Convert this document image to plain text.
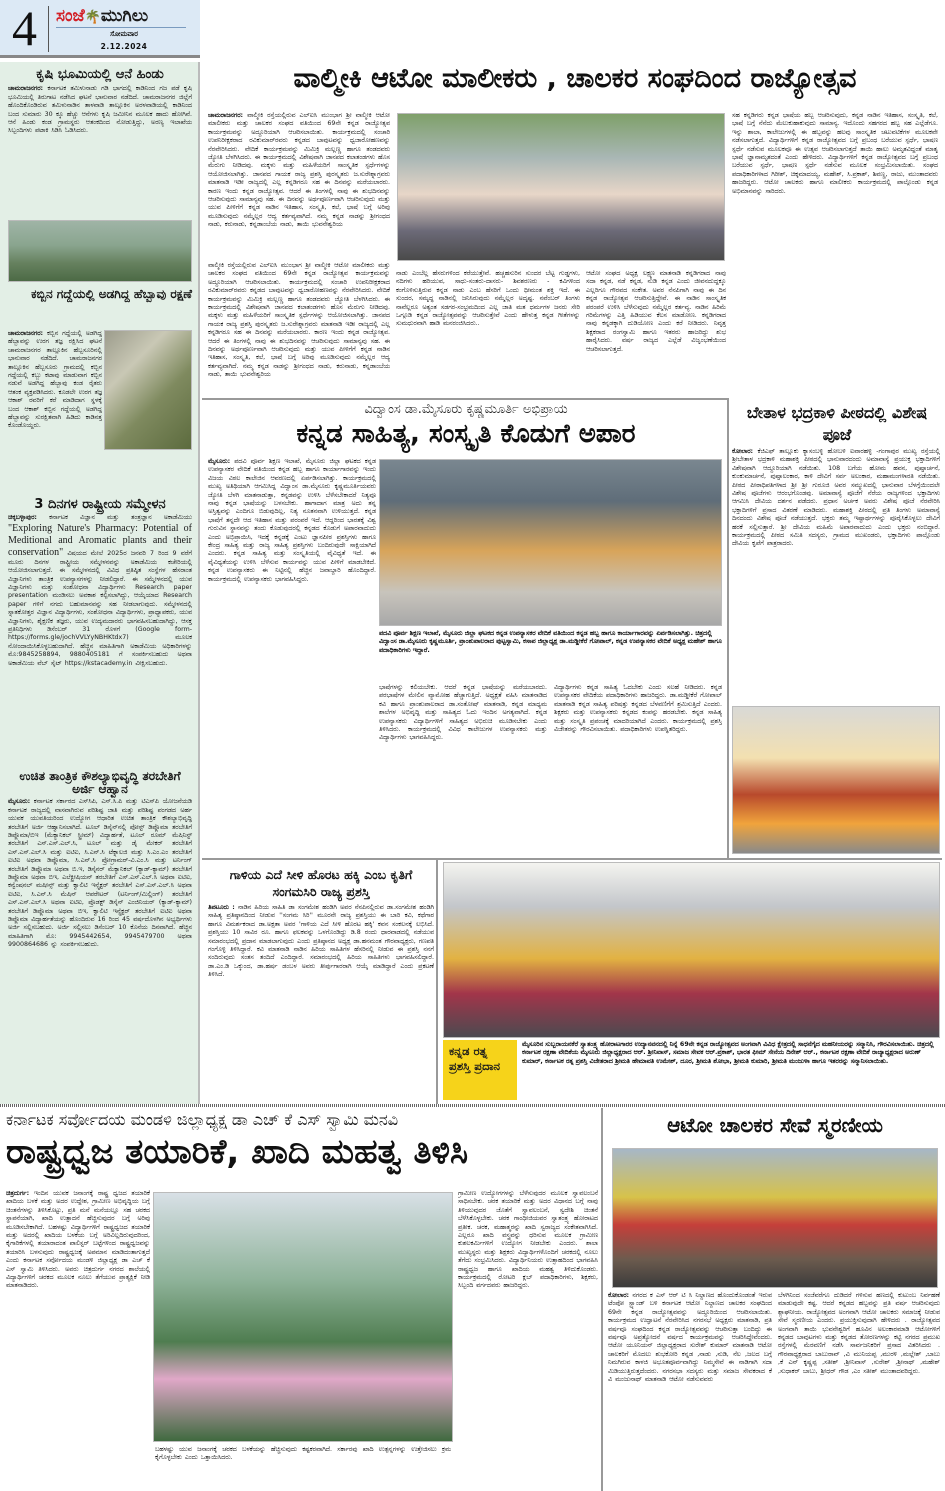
4 ಸಂಜೆ🌴ಮುಗಿಲು
ಸೋಮವಾರ
2.12.2024
ಕೃಷಿ ಭೂಮಿಯಲ್ಲಿ ಆನೆ ಹಿಂಡು
ಚಾಮರಾಜನಗರ: ಕರ್ನಾಟಕ ತಮಿಳುನಾಡು ಗಡಿ ಭಾಗದಲ್ಲಿ ಕಾಡಿನಿಂದ ಗಜ ಪಡೆ ಕೃಷಿ ಭೂಮಿಯಲ್ಲಿ ತಿರುಗಾಟ ನಡೆಸಿದ ಘಟನೆ ಭಾನುವಾರ ನಡೆದಿದೆ. ಚಾಮರಾಜನಗರ ಜಿಲ್ಲೆಗೆ ಹೊಂದಿಕೊಂಡಿರುವ ತಮಿಳುನಾಡಿನ ತಾಳವಾಡಿ ತಾಲ್ಲೂಕಿನ ಅರಳವಾಡಿಯಲ್ಲಿ ಕಾಡಿನಿಂದ ಬಂದ ಸುಮಾರು 30 ಕ್ಕೂ ಹೆಚ್ಚು ಆನೆಗಳು ಕೃಷಿ ಜಮೀನಿನ ಮೂಲಕ ಹಾದು ಹೋಗಿವೆ. ಆನೆ ಹಿಂಡು ಕಂಡ ಗ್ರಾಮಸ್ಥರು ಆತಂಕದಿಂದ ನೋಡುತ್ತಿದ್ದು, ಅರಣ್ಯ ಇಲಾಖೆಯ ಸಿಬ್ಬಂದಿಗಳು ಪಟಾಕಿ ಸಿಡಿಸಿ ಓಡಿಸಿದರು.
ಕಬ್ಬಿನ ಗದ್ದೆಯಲ್ಲಿ ಅಡಗಿದ್ದ ಹೆಬ್ಬಾವು ರಕ್ಷಣೆ
ಚಾಮರಾಜನಗರ: ಕಬ್ಬಿನ ಗದ್ದೆಯಲ್ಲಿ ಅಡಗಿದ್ದ ಹೆಬ್ಬಾವನ್ನು ಉರಗ ತಜ್ಞ ರಕ್ಷಿಸಿದ ಘಟನೆ ಚಾಮರಾಜನಗರ ತಾಲ್ಲೂಕಿನ ಹೆಬ್ಬಸೂರಿನಲ್ಲಿ ಭಾನುವಾರ ನಡೆದಿದೆ. ಚಾಮರಾಜನಗರ ತಾಲ್ಲೂಕಿನ ಹೆಬ್ಬಸೂರು ಗ್ರಾಮದಲ್ಲಿ ಕಬ್ಬಿನ ಗದ್ದೆಯಲ್ಲಿ ಕಬ್ಬು ಕಟಾವು ಮಾಡುವಾಗ ಕಬ್ಬಿನ ನಡುವೆ ಅಡಗಿದ್ದ ಹೆಬ್ಬಾವು ಕಂಡ ರೈತರು ಆತಂಕ ವ್ಯಕ್ತಪಡಿಸಿದರು. ಕೂಡಲೇ ಉರಗ ತಜ್ಞ ಆಕಾಶ್ ರವರಿಗೆ ಕರೆ ಮಾಡಿದಾಗ ಸ್ಥಳಕ್ಕೆ ಬಂದ ಆಕಾಶ್ ಕಬ್ಬಿನ ಗದ್ದೆಯಲ್ಲಿ ಅಡಗಿದ್ದ ಹೆಬ್ಬಾವನ್ನು ಸುರಕ್ಷಿತವಾಗಿ ಹಿಡಿದು ಕಾಡಿನತ್ತ ಕೊಂಡೊಯ್ದರು.
3 ದಿನಗಳ ರಾಷ್ಟ್ರೀಯ ಸಮ್ಮೇಳನ
ಚಿಕ್ಕಬಳ್ಳಾಪುರ: ಕರ್ನಾಟಕ ವಿಜ್ಞಾನ ಮತ್ತು ತಂತ್ರಜ್ಞಾನ ಅಕಾಡೆಮಿಯು "Exploring Nature's Pharmacy: Potential of Meditional and Aromatic plants and their conservation" ವಿಷಯದ ಮೇಲೆ 2025ರ ಜನವರಿ 7 ರಿಂದ 9 ವರೆಗೆ ಮೂರು ದಿನಗಳ ರಾಷ್ಟ್ರೀಯ ಸಮ್ಮೇಳನವನ್ನು ಅಕಾಡೆಮಿಯ ಕಚೇರಿಯಲ್ಲಿ ಆಯೋಜಿಸಲಾಗುತ್ತದೆ. ಈ ಸಮ್ಮೇಳನದಲ್ಲಿ ವಿವಿಧ ಪ್ರತಿಷ್ಠಿತ ಸಂಸ್ಥೆಗಳ ಹೆಸರಾಂತ ವಿಜ್ಞಾನಿಗಳು ತಾಂತ್ರಿಕ ಉಪನ್ಯಾಸಗಳನ್ನು ನೀಡಲಿದ್ದಾರೆ. ಈ ಸಮ್ಮೇಳನದಲ್ಲಿ ಯುವ ವಿಜ್ಞಾನಿಗಳು ಮತ್ತು ಸಂಶೋಧನಾ ವಿದ್ಯಾರ್ಥಿಗಳು Research paper presentation ಮಂಡಿಸಲು ಅವಕಾಶ ಕಲ್ಪಿಸಲಾಗಿದ್ದು, ಆಯ್ಕೆಯಾದ Research paper ಗಳಿಗೆ ನಗದು ಬಹುಮಾನವನ್ನು ಸಹ ನೀಡಲಾಗುವುದು. ಸಮ್ಮೇಳನದಲ್ಲಿ ಸ್ನಾತಕೋತ್ತರ ವಿಜ್ಞಾನ ವಿದ್ಯಾರ್ಥಿಗಳು, ಸಂಶೋಧನಾ ವಿದ್ಯಾರ್ಥಿಗಳು, ಪ್ರಾಧ್ಯಾಪಕರು, ಯುವ ವಿಜ್ಞಾನಿಗಳು, ಶೈಕ್ಷಣಿಕ ತಜ್ಞರು, ಯುವ ಉದ್ಯಮದಾರರು ಭಾಗವಹಿಸಬಹುದಾಗಿದ್ದು, ಆಸಕ್ತ ಪ್ರತಿನಿಧಿಗಳು ಡಿಸೆಂಬರ್ 31 ರೊಳಗೆ (Google form- https://forms.gle/jochVVLYyNBHKtdx7) ಮೂಲಕ ನೋಂದಾಯಿಸಿಕೊಳ್ಳಬಹುದಾಗಿದೆ. ಹೆಚ್ಚಿನ ಮಾಹಿತಿಗಾಗಿ ಅಕಾಡೆಮಿಯ ಅಧಿಕಾರಿಗಳನ್ನು ಮೊ:9845258894, 9880405181 ಗೆ ಸಂಪರ್ಕಿಸಬಹುದು ಅಥವಾ ಅಕಾಡೆಮಿಯ ವೆಬ್ ಸೈಟ್ https://kstacademy.in ವೀಕ್ಷಿಸಬಹುದು.
ಉಚಿತ ತಾಂತ್ರಿಕ ಕೌಶಲ್ಯಾಭಿವೃದ್ಧಿ ತರಬೇತಿಗೆ ಅರ್ಜಿ ಆಹ್ವಾನ
ಮೈಸೂರು: ಕರ್ನಾಟಕ ಸರ್ಕಾರದ ಎಸ್‌ಸಿಪಿ, ಎಸ್.ಸಿ.ಪಿ ಮತ್ತು ಟಿಎಸ್‌ಪಿ ಯೋಜನೆಯಡಿ ಕರ್ನಾಟಕ ರಾಜ್ಯದಲ್ಲಿ ವಾಸವಾಗಿರುವ ಪರಿಶಿಷ್ಟ ಜಾತಿ ಮತ್ತು ಪರಿಶಿಷ್ಟ ಪಂಗಡದ ಅರ್ಹ ಯುವಕ ಯುವತಿಯರಿಂದ ಉದ್ಯೋಗ ಆಧಾರಿತ ಉಚಿತ ತಾಂತ್ರಿಕ ಕೌಶಲ್ಯಾಭಿವೃದ್ಧಿ ತರಬೇತಿಗೆ ಅರ್ಜಿ ಆಹ್ವಾನಿಸಲಾಗಿದೆ. ಟೂಲ್ ಡಿಸೈನ್‌ನಲ್ಲಿ ಪೋಸ್ಟ್ ಡಿಪ್ಲೊಮಾ ತರಬೇತಿಗೆ ಡಿಪ್ಲೊಮಾ/ಬಿಇ (ಮೆಕ್ಯಾನಿಕಲ್ ಸ್ಟ್ರೀಮ್) ವಿದ್ಯಾರ್ಹತೆ, ಟೂಲ್ ರೂಮ್ ಮೆಷಿನಿಸ್ಟ್ ತರಬೇತಿಗೆ ಎಸ್.ಎಸ್.ಎಲ್.ಸಿ, ಟೂಲ್ ಮತ್ತು ಡೈ ಮೇಕರ್ ತರಬೇತಿಗೆ ಎಸ್.ಎಸ್.ಎಲ್.ಸಿ ಮತ್ತು ಐಟಿಐ, ಸಿ.ಎನ್.ಸಿ ಟೆಕ್ನಾಲಜಿ ಮತ್ತು ಸಿ.ಎಂ.ಎಂ ತರಬೇತಿಗೆ ಐಟಿಐ ಅಥವಾ ಡಿಪ್ಲೊಮಾ, ಸಿ.ಎನ್.ಸಿ ಪ್ರೋಗ್ರಾಮರ್-ವಿ.ಎಂ.ಸಿ ಮತ್ತು ಟರ್ನಿಂಗ್ ತರಬೇತಿಗೆ ಡಿಪ್ಲೊಮಾ ಅಥವಾ ಬಿ.ಇ, ಡಿಸೈನರ್ ಮೆಕ್ಯಾನಿಕಲ್ (ಕ್ಯಾಡ್-ಕ್ಯಾಮ್) ತರಬೇತಿಗೆ ಡಿಪ್ಲೊಮಾ ಅಥವಾ ಬಿಇ, ಎಲೆಕ್ಟ್ರೀಷಿಯನ್ ತರಬೇತಿಗೆ ಎಸ್.ಎಸ್.ಎಲ್.ಸಿ ಅಥವಾ ಐಟಿಐ, ಕನ್ವೆಂಷನಲ್ ಮಷೀನ್ಸ್ ಮತ್ತು ಕ್ವಾಲಿಟಿ ಇನ್ಸ್ಪೆಕ್ಟರ್ ತರಬೇತಿಗೆ ಎಸ್.ಎಸ್.ಎಲ್.ಸಿ ಅಥವಾ ಐಟಿಐ, ಸಿ.ಎನ್.ಸಿ ಮೆಷಿನ್ ಆಪರೇಟರ್ (ಟರ್ನಿಂಗ್/ಮಿಲ್ಲಿಂಗ್) ತರಬೇತಿಗೆ ಎಸ್.ಎಸ್.ಎಲ್.ಸಿ ಅಥವಾ ಐಟಿಐ, ಪ್ರೊಡಕ್ಟ್ ಡಿಸೈನ್ ಎಂಜಿನಿಯರ್ (ಕ್ಯಾಡ್-ಕ್ಯಾಮ್) ತರಬೇತಿಗೆ ಡಿಪ್ಲೊಮಾ ಅಥವಾ ಬಿಇ, ಕ್ವಾಲಿಟಿ ಇನ್ಸ್ಪೆಕ್ಟರ್ ತರಬೇತಿಗೆ ಐಟಿಐ ಅಥವಾ ಡಿಪ್ಲೊಮಾ ವಿದ್ಯಾರ್ಹತೆಯನ್ನು ಹೊಂದಿರುವ 16 ರಿಂದ 45 ವರ್ಷದೊಳಗಿನ ಅಭ್ಯರ್ಥಿಗಳು ಅರ್ಜಿ ಸಲ್ಲಿಸಬಹುದು. ಅರ್ಜಿ ಸಲ್ಲಿಸಲು ಡಿಸೆಂಬರ್ 10 ಕೊನೆಯ ದಿನವಾಗಿದೆ. ಹೆಚ್ಚಿನ ಮಾಹಿತಿಗಾಗಿ ಮೊ: 9945442654, 9945479700 ಅಥವಾ 9900864686 ನ್ನು ಸಂಪರ್ಕಿಸಬಹುದು.
ವಾಲ್ಮೀಕಿ ಆಟೋ ಮಾಲೀಕರು , ಚಾಲಕರ ಸಂಘದಿಂದ ರಾಜ್ಯೋತ್ಸವ
ಚಾಮರಾಜನಗರ: ವಾಲ್ಮೀಕಿ ರಸ್ತೆಯಲ್ಲಿರುವ ಎಲ್‌ಐಸಿ ಮುಂಭಾಗ ಶ್ರೀ ವಾಲ್ಮೀಕಿ ಆಟೋ ಮಾಲೀಕರು ಮತ್ತು ಚಾಲಕರ ಸಂಘದ ವತಿಯಿಂದ 69ನೇ ಕನ್ನಡ ರಾಜ್ಯೋತ್ಸವ ಕಾರ್ಯಕ್ರಮವನ್ನು ಅದ್ದೂರಿಯಾಗಿ ಆಚರಿಸಲಾಯಿತು. ಕಾರ್ಯಕ್ರಮದಲ್ಲಿ ಸಂಚಾರಿ ಉಪನಿರೀಕ್ಷಕರಾದ ರವಿಕುಮಾರ್‌ರವರು ಕನ್ನಡದ ಬಾವುಟವನ್ನು ಧ್ವಜಾರೋಹಣವನ್ನು ನೆರವೇರಿಸಿದರು. ವೇದಿಕೆ ಕಾರ್ಯಕ್ರಮವನ್ನು ಮಿಮಿಕ್ರಿ ಮಲ್ಲಣ್ಣ ಹಾಗೂ ತಂಡದವರು ಜ್ಯೋತಿ ಬೆಳಗಿಸಿದರು. ಈ ಕಾರ್ಯಕ್ರಮದಲ್ಲಿ ವಿಶೇಷವಾಗಿ ಜಾನಪದ ಕಲಾತಂಡಗಳು ಹೊಸ ಮೆರುಗು ನೀಡಿದವು. ಮಕ್ಕಳು ಮತ್ತು ಮಹಿಳೆಯರಿಗೆ ಸಾಂಸ್ಕೃತಿಕ ಸ್ಪರ್ಧೆಗಳನ್ನು ಆಯೋಜಿಸಲಾಗಿತ್ತು. ಜಾನಪದ ಗಾಯಕ ರಾಜ್ಯ ಪ್ರಶಸ್ತಿ ಪುರಸ್ಕೃತರು ಜ.ಸುರೇಶ್ನಾಗ್ರವರು ಮಾತನಾಡಿ ಇಡೀ ರಾಜ್ಯದಲ್ಲಿ ಎಲ್ಲ ಕನ್ನಡಿಗರೂ ಸಹ ಈ ದಿನವನ್ನು ಮರೆಯಲಾರರು. ಕಾರಣ ಇಂದು ಕನ್ನಡ ರಾಜ್ಯೋತ್ಸವ. ಆದರೆ ಈ ತಿಂಗಳಲ್ಲಿ ನಾವು ಈ ಶುಭದಿನವನ್ನು ಆಚರಿಸುವುದು ಸಾಮಾನ್ಯವು ಸಹ. ಈ ದಿನವನ್ನು ಅರ್ಥಪೂರ್ಣವಾಗಿ ಆಚರಿಸುವುದು ಮತ್ತು ಯುವ ಪೀಳಿಗೆಗೆ ಕನ್ನಡ ನಾಡಿನ ಇತಿಹಾಸ, ಸಂಸ್ಕೃತಿ, ಕಲೆ, ಭಾಷೆ ಬಗ್ಗೆ ಅರಿವು ಮೂಡಿಸುವುದು ನಮ್ಮೆಲ್ಲರ ಆದ್ಯ ಕರ್ತವ್ಯವಾಗಿದೆ. ನಮ್ಮ ಕನ್ನಡ ನಾಡನ್ನು ಶ್ರೀಗಂಧದ ನಾಡು, ಕರುನಾಡು, ಕನ್ನಡಾಂಬೆಯ ನಾಡು, ತಾಯಿ ಭುವನೇಶ್ವರಿಯ
ಸಹ ಕನ್ನಡಿಗರು ಕನ್ನಡ ಭಾಷೆಯ ಹಬ್ಬ ಆಚರಿಸುವುದು, ಕನ್ನಡ ನಾಡಿನ ಇತಿಹಾಸ, ಸಂಸ್ಕೃತಿ, ಕಲೆ, ಭಾಷೆ ಬಗ್ಗೆ ನೆನೆದು ಮೆಲುಕುಹಾಕುವುದು ಸಾಮಾನ್ಯ. ಇದೊಂದು ಸಹಗರದ ಹಬ್ಬ ಸಹ ಎಲ್ಲೆಡೆಗೂ. ಇನ್ನು ಶಾಲಾ, ಕಾಲೇಜುಗಳಲ್ಲಿ ಈ ಹಬ್ಬವನ್ನು ಹಲವು ಸಾಂಸ್ಕೃತಿಕ ಚಟುವಟಿಕೆಗಳ ಮೂಲಕವೇ ನಡೆಸಲಾಗುತ್ತದೆ. ವಿದ್ಯಾರ್ಥಿಗಳಿಗೆ ಕನ್ನಡ ರಾಜ್ಯೋತ್ಸವದ ಬಗ್ಗೆ ಪ್ರಬಂಧ ಬರೆಯುವ ಸ್ಪರ್ಧೆ, ಭಾಷಣ ಸ್ಪರ್ಧೆ ನಡೆಸುವ ಮೂಲಕವೂ ಈ ಉತ್ಸವ ಆಚರಿಸಲಾಗುತ್ತದೆ ತಾಯಿ ಹಾಲು ಅಮೃತವಿದ್ದಂತೆ ಮಾತೃ ಭಾಷೆ ಜ್ಞಾನಾಮೃತದಂತೆ ಎಂದು ಹೇಳಿದರು. ವಿದ್ಯಾರ್ಥಿಗಳಿಗೆ ಕನ್ನಡ ರಾಜ್ಯೋತ್ಸವದ ಬಗ್ಗೆ ಪ್ರಬಂಧ ಬರೆಯುವ ಸ್ಪರ್ಧೆ, ಭಾಷಣ ಸ್ಪರ್ಧೆ ನಡೆಸುವ ಮೂಲಕ ಸಂಭ್ರಮಿಸಲಾಯಿತು. ಸಂಘದ ಪದಾಧಿಕಾರಿಗಳಾದ ಗಿರೀಶ್, ಚಿಕ್ಕಮಾದಯ್ಯ, ಮಹೇಶ್, ಸಿ.ಪ್ರಕಾಶ್, ಶಿವಣ್ಣ, ರಾಜು, ಮುಂತಾದವರು ಹಾಜರಿದ್ದರು. ಆಟೋ ಚಾಲಕರು ಹಾಗೂ ಮಾಲೀಕರು ಕಾರ್ಯಕ್ರಮದಲ್ಲಿ ಪಾಲ್ಗೊಂಡು ಕನ್ನಡ ಅಭಿಮಾನವನ್ನು ಸಾರಿದರು.
ವಾಲ್ಮೀಕಿ ರಸ್ತೆಯಲ್ಲಿರುವ ಎಲ್‌ಐಸಿ ಮುಂಭಾಗ ಶ್ರೀ ವಾಲ್ಮೀಕಿ ಆಟೋ ಮಾಲೀಕರು ಮತ್ತು ಚಾಲಕರ ಸಂಘದ ವತಿಯಿಂದ 69ನೇ ಕನ್ನಡ ರಾಜ್ಯೋತ್ಸವ ಕಾರ್ಯಕ್ರಮವನ್ನು ಅದ್ದೂರಿಯಾಗಿ ಆಚರಿಸಲಾಯಿತು. ಕಾರ್ಯಕ್ರಮದಲ್ಲಿ ಸಂಚಾರಿ ಉಪನಿರೀಕ್ಷಕರಾದ ರವಿಕುಮಾರ್‌ರವರು ಕನ್ನಡದ ಬಾವುಟವನ್ನು ಧ್ವಜಾರೋಹಣವನ್ನು ನೆರವೇರಿಸಿದರು. ವೇದಿಕೆ ಕಾರ್ಯಕ್ರಮವನ್ನು ಮಿಮಿಕ್ರಿ ಮಲ್ಲಣ್ಣ ಹಾಗೂ ತಂಡದವರು ಜ್ಯೋತಿ ಬೆಳಗಿಸಿದರು. ಈ ಕಾರ್ಯಕ್ರಮದಲ್ಲಿ ವಿಶೇಷವಾಗಿ ಜಾನಪದ ಕಲಾತಂಡಗಳು ಹೊಸ ಮೆರುಗು ನೀಡಿದವು. ಮಕ್ಕಳು ಮತ್ತು ಮಹಿಳೆಯರಿಗೆ ಸಾಂಸ್ಕೃತಿಕ ಸ್ಪರ್ಧೆಗಳನ್ನು ಆಯೋಜಿಸಲಾಗಿತ್ತು. ಜಾನಪದ ಗಾಯಕ ರಾಜ್ಯ ಪ್ರಶಸ್ತಿ ಪುರಸ್ಕೃತರು ಜ.ಸುರೇಶ್ನಾಗ್ರವರು ಮಾತನಾಡಿ ಇಡೀ ರಾಜ್ಯದಲ್ಲಿ ಎಲ್ಲ ಕನ್ನಡಿಗರೂ ಸಹ ಈ ದಿನವನ್ನು ಮರೆಯಲಾರರು. ಕಾರಣ ಇಂದು ಕನ್ನಡ ರಾಜ್ಯೋತ್ಸವ. ಆದರೆ ಈ ತಿಂಗಳಲ್ಲಿ ನಾವು ಈ ಶುಭದಿನವನ್ನು ಆಚರಿಸುವುದು ಸಾಮಾನ್ಯವು ಸಹ. ಈ ದಿನವನ್ನು ಅರ್ಥಪೂರ್ಣವಾಗಿ ಆಚರಿಸುವುದು ಮತ್ತು ಯುವ ಪೀಳಿಗೆಗೆ ಕನ್ನಡ ನಾಡಿನ ಇತಿಹಾಸ, ಸಂಸ್ಕೃತಿ, ಕಲೆ, ಭಾಷೆ ಬಗ್ಗೆ ಅರಿವು ಮೂಡಿಸುವುದು ನಮ್ಮೆಲ್ಲರ ಆದ್ಯ ಕರ್ತವ್ಯವಾಗಿದೆ. ನಮ್ಮ ಕನ್ನಡ ನಾಡನ್ನು ಶ್ರೀಗಂಧದ ನಾಡು, ಕರುನಾಡು, ಕನ್ನಡಾಂಬೆಯ ನಾಡು, ತಾಯಿ ಭುವನೇಶ್ವರಿಯ
ನಾಡು ಎಂಬೆಲ್ಲ ಹೆಸರುಗಳಿಂದ ಕರೆಯುತ್ತೇವೆ. ಹಚ್ಚಹಸುರಿನ ಸುಂದರ ಬೆಟ್ಟ ಗುಡ್ಡಗಳು, ನದಿಗಳು ಹರಿಯುವ, ಸಾಧು-ಸಂತರು-ದಾಸರು- ಶಿವಶರಣರು - ಕವಿಗಳಿಂದ ಕಂಗೊಳಿಸುತ್ತಿರುವ ಕನ್ನಡ ನಾಡು ಎಂಬ ಹೆಸರಿಗೆ ಒಂದು ಧೀಮಂತ ಶಕ್ತಿ ಇದೆ. ಈ ಸುಂದರ, ಸಮೃದ್ಧ ನಾಡಿನಲ್ಲಿ ಜನಿಸಿರುವುದು ನಮ್ಮೆಲ್ಲರ ಅದೃಷ್ಟ. ನವೆಂಬರ್ ತಿಂಗಳು ನಾವೆಲ್ಲರೂ ಅತ್ಯಂತ ಸಡಗರ-ಸಂಭ್ರಮದಿಂದ ಎಲ್ಲ ಜಾತಿ ಮತ ಧರ್ಮಗಳ ಜನರು ಸೇರಿ ಒಗ್ಗೂಡಿ ಕನ್ನಡ ರಾಜ್ಯೋತ್ಸವವನ್ನು ಆಚರಿಸುತ್ತೇವೆ ಎಂದು ಹೇಳುತ್ತ ಕನ್ನಡ ಗೀತೆಗಳನ್ನು ಸುಮಧುರವಾಗಿ ಹಾಡಿ ಮನರಂಜಿಸಿದರು..
ಆಟೋ ಸಂಘದ ಅಧ್ಯಕ್ಷ ಲಕ್ಷ್ಮಣ ಮಾತನಾಡಿ ಕನ್ನಡಿಗರಾದ ನಾವು ಸದಾ ಕನ್ನಡ, ನಡೆ ಕನ್ನಡ, ನುಡಿ ಕನ್ನಡ ಎಂದು ಜೀವನದುದ್ದಕ್ಕೂ ಎಲ್ಲರಿಗೂ ಗೌರವದ ಸಂಕೇತ. ಅವರ ನೆನಪಿಗಾಗಿ ನಾವು ಈ ದಿನ ಕನ್ನಡ ರಾಜ್ಯೋತ್ಸವ ಆಚರಿಸುತ್ತಿದ್ದೇವೆ. ಈ ನಾಡಿನ ಸಾಂಸ್ಕೃತಿಕ ಪರಂಪರೆ ಉಳಿಸಿ ಬೆಳೆಸುವುದು ನಮ್ಮೆಲ್ಲರ ಕರ್ತವ್ಯ. ನಾಡಿನ ಹಿರಿಮೆ ಗರಿಮೆಗಳನ್ನು ಎತ್ತಿ ಹಿಡಿಯುವ ಕೆಲಸ ಮಾಡೋಣ. ಕನ್ನಡಿಗರಾದ ನಾವು ಕನ್ನಡಕ್ಕಾಗಿ ದುಡಿಯೋಣ ಎಂದು ಕರೆ ನೀಡಿದರು. ನಿವೃತ್ತ ಶಿಕ್ಷಕರಾದ ರಂಗಸ್ವಾಮಿ ಹಾಗೂ ಇತರರು ಹಾಜರಿದ್ದು ಶುಭ ಹಾರೈಸಿದರು. ವರ್ಷ ರಾಜ್ಯದ ಎಲ್ಲೆಡೆ ವಿಜೃಂಭಣೆಯಿಂದ ಆಚರಿಸಲಾಗುತ್ತದೆ.
ವಿದ್ವಾಂಸ ಡಾ.ಮೈಸೂರು ಕೃಷ್ಣಮೂರ್ತಿ ಅಭಿಪ್ರಾಯ
ಕನ್ನಡ ಸಾಹಿತ್ಯ, ಸಂಸ್ಕೃತಿ ಕೊಡುಗೆ ಅಪಾರ
ಮೈಸೂರು: ಪದವಿ ಪೂರ್ವ ಶಿಕ್ಷಣ ಇಲಾಖೆ, ಮೈಸೂರು ಜಿಲ್ಲಾ ಘಟಕದ ಕನ್ನಡ ಉಪನ್ಯಾಸಕರ ವೇದಿಕೆ ವತಿಯಿಂದ ಕನ್ನಡ ಹಬ್ಬ ಹಾಗೂ ಕಾರ್ಯಾಗಾರವನ್ನು ಇಂದು ವಿಜಯ ವಿಠಲ ಕಾಲೇಜಿನ ಆವರಣದಲ್ಲಿ ಏರ್ಪಡಿಸಲಾಗಿತ್ತು. ಕಾರ್ಯಕ್ರಮದಲ್ಲಿ ಮುಖ್ಯ ಅತಿಥಿಯಾಗಿ ಆಗಮಿಸಿದ್ದ ವಿದ್ವಾಂಸ ಡಾ.ಮೈಸೂರು ಕೃಷ್ಣಮೂರ್ತಿಯವರು ಜ್ಯೋತಿ ಬೆಳಗಿ ಮಾತನಾಡುತ್ತಾ, ಕನ್ನಡವನ್ನು ಉಳಿಸಿ ಬೆಳೆಸಬೇಕಾದರೆ ನಿತ್ಯವೂ ನಾವು ಕನ್ನಡ ಭಾಷೆಯನ್ನು ಬಳಸಬೇಕು. ಹಾಗಾದಾಗ ಮಾತ್ರ ಅದು ತನ್ನ ಅಸ್ತಿತ್ವವನ್ನು ಎಂದಿಗೂ ಬಿಡುವುದಿಲ್ಲ, ನಿತ್ಯ ನೂತನವಾಗಿ ಉಳಿಯುತ್ತದೆ. ಕನ್ನಡ ಭಾಷೆಗೆ ತನ್ನದೇ ಆದ ಇತಿಹಾಸ ಮತ್ತು ಪರಂಪರೆ ಇದೆ. ಆದ್ದರಿಂದ ಭಾರತಕ್ಕೆ ವಿಶ್ವ ಗುರುವಿನ ಸ್ಥಾನವನ್ನು ತಂದು ಕೊಡುವುದರಲ್ಲಿ ಕನ್ನಡದ ಕೊಡುಗೆ ಅಪಾರವಾದುದು ಎಂದು ಅಭಿಪ್ರಾಯಿಸಿ, ಇದಕ್ಕೆ ಕನ್ನಡಕ್ಕೆ ಎಂಟು ಜ್ಞಾನಪೀಠ ಪ್ರಶಸ್ತಿಗಳು ಹಾಗೂ ಕೇಂದ್ರ ಸಾಹಿತ್ಯ ಮತ್ತು ರಾಜ್ಯ ಸಾಹಿತ್ಯ ಪ್ರಶಸ್ತಿಗಳು ಬಂದಿರುವುದೇ ಸಾಕ್ಷಿಯಾಗಿದೆ ಎಂದರು. ಕನ್ನಡ ಸಾಹಿತ್ಯ ಮತ್ತು ಸಂಸ್ಕೃತಿಯಲ್ಲಿ ವೈವಿಧ್ಯತೆ ಇದೆ. ಈ ವೈವಿಧ್ಯತೆಯನ್ನು ಉಳಿಸಿ ಬೆಳೆಸುವ ಕಾರ್ಯವನ್ನು ಯುವ ಪೀಳಿಗೆ ಮಾಡಬೇಕಿದೆ. ಕನ್ನಡ ಉಪನ್ಯಾಸಕರು ಈ ನಿಟ್ಟಿನಲ್ಲಿ ಹೆಚ್ಚಿನ ಜವಾಬ್ದಾರಿ ಹೊಂದಿದ್ದಾರೆ. ಕಾರ್ಯಕ್ರಮದಲ್ಲಿ ಉಪನ್ಯಾಸಕರು ಭಾಗವಹಿಸಿದ್ದರು.
ಪದವಿ ಪೂರ್ವ ಶಿಕ್ಷಣ ಇಲಾಖೆ, ಮೈಸೂರು ಜಿಲ್ಲಾ ಘಟಕದ ಕನ್ನಡ ಉಪನ್ಯಾಸಕರ ವೇದಿಕೆ ವತಿಯಿಂದ ಕನ್ನಡ ಹಬ್ಬ ಹಾಗೂ ಕಾರ್ಯಾಗಾರವನ್ನು ಏರ್ಪಡಿಸಲಾಗಿತ್ತು. ಚಿತ್ರದಲ್ಲಿ ವಿದ್ವಾಂಸ ಡಾ.ಮೈಸೂರು ಕೃಷ್ಣಮೂರ್ತಿ, ಪ್ರಾಂಶುಪಾಲರಾದ ಪುಟ್ಟಸ್ವಾಮಿ, ಕಸಾಪ ಜಿಲ್ಲಾಧ್ಯಕ್ಷ ಡಾ.ಮಡ್ಡೀಕೆರೆ ಗೋಪಾಲ್, ಕನ್ನಡ ಉಪನ್ಯಾಸಕರ ವೇದಿಕೆ ಅಧ್ಯಕ್ಷ ಮಹೇಶ್ ಹಾಗೂ ಪದಾಧಿಕಾರಿಗಳು ಇದ್ದಾರೆ.
ಭಾಷೆಗಳನ್ನು ಕಲಿಯಬೇಕು. ಆದರೆ ಕನ್ನಡ ಭಾಷೆಯನ್ನು ಮರೆಯಬಾರದು. ಪರಭಾಷೆಗಳ ಮೇಲಿನ ವ್ಯಾಮೋಹ ಹೆಚ್ಚಾಗುತ್ತಿದೆ. ಅಧ್ಯಕ್ಷತೆ ವಹಿಸಿ ಮಾತನಾಡಿದ ಕವಿ ಹಾಗೂ ಪ್ರಾಂಶುಪಾಲರಾದ ಡಾ.ಸಂತೋಷ್ ಮಾತನಾಡಿ, ಕನ್ನಡ ಮಾಧ್ಯಮ ಶಾಲೆಗಳ ಅಭಿವೃದ್ಧಿ ಮತ್ತು ಸಾಹಿತ್ಯದ ಓದು ಇಂದಿನ ಅಗತ್ಯವಾಗಿದೆ. ಕನ್ನಡ ಉಪನ್ಯಾಸಕರು ವಿದ್ಯಾರ್ಥಿಗಳಿಗೆ ಸಾಹಿತ್ಯದ ಅಭಿರುಚಿ ಮೂಡಿಸಬೇಕು ಎಂದು ತಿಳಿಸಿದರು. ಕಾರ್ಯಕ್ರಮದಲ್ಲಿ ವಿವಿಧ ಕಾಲೇಜುಗಳ ಉಪನ್ಯಾಸಕರು ಮತ್ತು ವಿದ್ಯಾರ್ಥಿಗಳು ಭಾಗವಹಿಸಿದ್ದರು.
ವಿದ್ಯಾರ್ಥಿಗಳು ಕನ್ನಡ ಸಾಹಿತ್ಯ ಓದಬೇಕು ಎಂದು ಸಲಹೆ ನೀಡಿದರು. ಕನ್ನಡ ಉಪನ್ಯಾಸಕರ ವೇದಿಕೆಯ ಪದಾಧಿಕಾರಿಗಳು ಹಾಜರಿದ್ದರು. ಡಾ.ಮಡ್ಡೀಕೆರೆ ಗೋಪಾಲ್ ಮಾತನಾಡಿ ಕನ್ನಡ ಸಾಹಿತ್ಯ ಪರಿಷತ್ತು ಕನ್ನಡದ ಬೆಳವಣಿಗೆಗೆ ಶ್ರಮಿಸುತ್ತಿದೆ ಎಂದರು. ಶಿಕ್ಷಕರು ಮತ್ತು ಉಪನ್ಯಾಸಕರು ಕನ್ನಡದ ಕಂಪನ್ನು ಹರಡಬೇಕು. ಕನ್ನಡ ಸಾಹಿತ್ಯ ಮತ್ತು ಸಂಸ್ಕೃತಿ ಪ್ರಪಂಚಕ್ಕೆ ಮಾದರಿಯಾಗಿದೆ ಎಂದರು. ಕಾರ್ಯಕ್ರಮದಲ್ಲಿ ಪ್ರಶಸ್ತಿ ವಿಜೇತರನ್ನು ಗೌರವಿಸಲಾಯಿತು. ಪದಾಧಿಕಾರಿಗಳು ಉಪಸ್ಥಿತರಿದ್ದರು.
ಬೇತಾಳ ಭದ್ರಕಾಳಿ ಪೀಠದಲ್ಲಿ ವಿಶೇಷ ಪೂಜೆ
ಕೋಲಾರ: ಕೆಜಿಎಫ್ ತಾಲ್ಲೂಕು ಕ್ಯಾಸಂಬಳ್ಳಿ ಹೋಬಳಿ ಐವಾರಹಳ್ಳಿ -ಗಂಗಾಪುರ ಮುಖ್ಯ ರಸ್ತೆಯಲ್ಲಿ ಶ್ರೀಬೇತಾಳ ಭದ್ರಕಾಳಿ ಮಹಾಶಕ್ತಿ ಪೀಠದಲ್ಲಿ ಭಾನುವಾರದಂದು ಅಮಾವಾಸ್ಯೆ ಪ್ರಯುಕ್ತ ಭಕ್ತಾದಿಗಳಿಗೆ ವಿಶೇಷವಾಗಿ ಆದ್ದೂರಿಯಾಗಿ ನಡೆಯಿತು. 108 ಬಗೆಯ ಹೋಮ ಹವನ, ಪುಷ್ಪಾರ್ಚನೆ, ಕುಂಕುಮಾರ್ಚನೆ, ಪುಷ್ಪಾಲಂಕಾರ, ಕಾಳಿ ದೇವಿಗೆ ಸರ್ವ ಅಲಂಕಾರ, ಮಹಾಮಂಗಳಾರತಿ ನಡೆಯಿತು. ಪೀಠದ ಪೀಠಾಧಿಪತಿಗಳಾದ ಶ್ರೀ ಶ್ರೀ ಗುರೂಜಿ ಅವರ ಸಮ್ಮುಖದಲ್ಲಿ ಭಾನುವಾರ ಬೆಳಗ್ಗೆಯಿಂದಲೇ ವಿಶೇಷ ಪೂಜೆಗಳು ಆರಂಭಗೊಂಡವು. ಅಮಾವಾಸ್ಯೆ ಪೂಜೆಗೆ ನೆರೆಯ ರಾಜ್ಯಗಳಿಂದ ಭಕ್ತಾದಿಗಳು ಆಗಮಿಸಿ ದೇವಿಯ ದರ್ಶನ ಪಡೆದರು. ಪ್ರಧಾನ ಅರ್ಚಕ ಅವರು ವಿಶೇಷ ಪೂಜೆ ನೆರವೇರಿಸಿ ಭಕ್ತಾದಿಗಳಿಗೆ ಪ್ರಸಾದ ವಿತರಣೆ ಮಾಡಿದರು. ಮಹಾಶಕ್ತಿ ಪೀಠದಲ್ಲಿ ಪ್ರತಿ ತಿಂಗಳು ಅಮಾವಾಸ್ಯೆ ದಿನದಂದು ವಿಶೇಷ ಪೂಜೆ ನಡೆಯುತ್ತದೆ. ಭಕ್ತರು ತಮ್ಮ ಇಷ್ಟಾರ್ಥಗಳನ್ನು ಪೂರೈಸಿಕೊಳ್ಳಲು ದೇವಿಗೆ ಹರಕೆ ಸಲ್ಲಿಸುತ್ತಾರೆ. ಶ್ರೀ ದೇವಿಯ ಮಹಿಮೆ ಅಪಾರವಾದುದು ಎಂದು ಭಕ್ತರು ನಂಬಿದ್ದಾರೆ. ಕಾರ್ಯಕ್ರಮದಲ್ಲಿ ಪೀಠದ ಸಮಿತಿ ಸದಸ್ಯರು, ಗ್ರಾಮದ ಮುಖಂಡರು, ಭಕ್ತಾದಿಗಳು ಪಾಲ್ಗೊಂಡು ದೇವಿಯ ಕೃಪೆಗೆ ಪಾತ್ರರಾದರು.
ಗಾಳಿಯ ಎದೆ ಸೀಳಿ ಹೊರಟ ಹಕ್ಕಿ ಎಂಬ ಕೃತಿಗೆ ಸಂಗಮಸಿರಿ ರಾಜ್ಯ ಪ್ರಶಸ್ತಿ
ತಿಪಟೂರು : ನಾಡಿನ ಹಿರಿಯ ಸಾಹಿತಿ ಡಾ ಸಂಗಮೇಶ ಹಂಡಿಗಿ ಅವರ ನೆನಪಿನಲ್ಲಿರುವ ಡಾ.ಸಂಗಮೇಶ ಹಂಡಿಗಿ ಸಾಹಿತ್ಯ ಪ್ರತಿಷ್ಠಾನದಿಂದ ನೀಡುವ ''ಸಂಗಮ ಸಿರಿ'' ಮೂರನೇ ರಾಜ್ಯ ಪ್ರಶಸ್ತಿಯು ಈ ಬಾರಿ ಕವಿ, ಕಥೆಗಾರ ಹಾಗೂ ವಿಮರ್ಶಕರಾದ ಡಾ.ಅಕ್ಷತಾ ಅವರ 'ಗಾಳಿಯ ಎದೆ ಸೀಳಿ ಹೊರಟ ಹಕ್ಕಿ' ಕವನ ಸಂಕಲನಕ್ಕೆ ಲಭಿಸಿದೆ. ಪ್ರಶಸ್ತಿಯು 10 ಸಾವಿರ ರೂ. ಹಾಗೂ ಫಲಕವನ್ನು ಒಳಗೊಂಡಿದ್ದು ಡಿ.8 ರಂದು ಧಾರವಾಡದಲ್ಲಿ ನಡೆಯುವ ಸಮಾರಂಭದಲ್ಲಿ ಪ್ರದಾನ ಮಾಡಲಾಗುವುದು ಎಂದು ಪ್ರತಿಷ್ಠಾನದ ಅಧ್ಯಕ್ಷ ಡಾ.ಹನಮಂತ ಗೌರವಾಧ್ಯಕ್ಷರು, ಗಣಪತಿ ಗಂಗೊಳ್ಳಿ ತಿಳಿಸಿದ್ದಾರೆ. ಕವಿ ಮಾತನಾಡಿ ನಾಡಿನ ಹಿರಿಯ ಸಾಹಿತಿಗಳ ಹೆಸರಿನಲ್ಲಿ ನೀಡುವ ಈ ಪ್ರಶಸ್ತಿ ನನಗೆ ಸಂದಿರುವುದು ಸಂತಸ ತಂದಿದೆ ಎಂದಿದ್ದಾರೆ. ಸಮಾರಂಭದಲ್ಲಿ ಹಿರಿಯ ಸಾಹಿತಿಗಳು ಭಾಗವಹಿಸಲಿದ್ದಾರೆ. ಡಾ.ಎಂ.ಡಿ ಒಕ್ಕುಂದ, ಡಾ.ಹರ್ಷ ಡಂಬಳ ಅವರು ತೀರ್ಪುಗಾರರಾಗಿ ಆಯ್ಕೆ ಮಾಡಿದ್ದಾರೆ ಎಂದು ಪ್ರಕಟಣೆ ತಿಳಿಸಿದೆ.
ಕನ್ನಡ ರತ್ನ ಪ್ರಶಸ್ತಿ ಪ್ರದಾನ
ಮೈಸೂರಿನ ಸುಬ್ಬರಾಯನಕೆರೆ ಸ್ವಾತಂತ್ರ್ಯ ಹೋರಾಟಗಾರರ ಉದ್ಯಾನವನದಲ್ಲಿ ನಿನ್ನೆ 69ನೇ ಕನ್ನಡ ರಾಜ್ಯೋತ್ಸವದ ಅಂಗವಾಗಿ ವಿವಿಧ ಕ್ಷೇತ್ರದಲ್ಲಿ ಸಾಧನೆಗೈದ ಮಹನೀಯರನ್ನು ಸನ್ಮಾನಿಸಿ, ಗೌರವಿಸಲಾಯಿತು. ಚಿತ್ರದಲ್ಲಿ ಕರ್ನಾಟಕ ರಕ್ಷಣಾ ವೇದಿಕೆಯ ಮೈಸೂರು ಜಿಲ್ಲಾಧ್ಯಕ್ಷರಾದ ಆರ್. ಶ್ರೀನಿವಾಸ್, ಸಮಾಜ ಸೇವಕ ಆರ್.ಪ್ರಕಾಶ್, ಭಾರತ ಫೀಮ್ ಸೇನೆಯ ದಿನೇಶ್ ಆರ್., ಕರ್ನಾಟಕ ರಕ್ಷಣಾ ವೇದಿಕೆ ರಾಜ್ಯಾಧ್ಯಕ್ಷರಾದ ಅರುಣ್ ಕುಮಾರ್, ಕರ್ನಾಟಕ ರತ್ನ ಪ್ರಶಸ್ತಿ ವಿಜೇತರಾದ ಶ್ರೀಮತಿ ಹೇಮಾವತಿ ಉಮೇಶ್, ದೂರ, ಶ್ರೀಮತಿ ಶೋಭಾ, ಶ್ರೀಮತಿ ಕುಮಾರಿ, ಶ್ರೀಮತಿ ಮಂಜುಳಾ ಹಾಗೂ ಇತರರನ್ನು ಸನ್ಮಾನಿಸಲಾಯಿತು.
ಕರ್ನಾಟಕ ಸರ್ವೋದಯ ಮಂಡಳಿ ಜಿಲ್ಲಾಧ್ಯಕ್ಷ ಡಾ ಎಚ್ ಕೆ ಎಸ್ ಸ್ವಾಮಿ ಮನವಿ
ರಾಷ್ಟ್ರಧ್ವಜ ತಯಾರಿಕೆ, ಖಾದಿ ಮಹತ್ವ ತಿಳಿಸಿ
ಚಿತ್ರದುರ್ಗ: ಇಂದಿನ ಯುವಕ ಜನಾಂಗಕ್ಕೆ ರಾಷ್ಟ್ರ ಧ್ವಜದ ತಯಾರಿಕೆ ಖಾದಿಯ ಬಳಕೆ ಮತ್ತು ಅದರ ಉದ್ದೇಶ, ಗ್ರಾಮೀಣ ಅಭಿವೃದ್ಧಿಯ ಬಗ್ಗೆ ಚಿಂತನೆಗಳನ್ನು ತಿಳಿಸಿಕೊಟ್ಟು, ಪ್ರತಿ ಮನೆ ಮನೆಯಲ್ಲೂ ಸಹ ಚರಕದ ಸ್ಥಾಪನೆಯಾಗಿ, ಖಾದಿ ಉತ್ಪಾದನೆ ಹೆಚ್ಚಿಸುವುದರ ಬಗ್ಗೆ ಅರಿವು ಮೂಡಿಸಬೇಕಾಗಿದೆ. ಬಹಳಷ್ಟು ವಿದ್ಯಾರ್ಥಿಗಳಿಗೆ ರಾಷ್ಟ್ರಧ್ವಜದ ತಯಾರಿಕೆ ಮತ್ತು ಅದರಲ್ಲಿ ಖಾದಿಯ ಬಳಕೆಯ ಬಗ್ಗೆ ಅರಿವಿಲ್ಲದಿರುವುದರಿಂದ, ಕೈಗಾರಿಕೆಗಳಲ್ಲಿ ತಯಾರಾದಂತ ಪಾಲಿಸ್ಟರ್ ಬಟ್ಟೆಗಳಿಂದ ರಾಷ್ಟ್ರಧ್ವಜವನ್ನು ತಯಾರಿಸಿ ಬಳಸುವುದು ರಾಷ್ಟ್ರಧ್ವಜಕ್ಕೆ ಅಪಮಾನ ಮಾಡಿದಂತಾಗುತ್ತದೆ ಎಂದು ಕರ್ನಾಟಕ ಸರ್ವೋದಯ ಮಂಡಳಿ ಜಿಲ್ಲಾಧ್ಯಕ್ಷ ಡಾ ಎಚ್ ಕೆ ಎಸ್ ಸ್ವಾಮಿ ತಿಳಿಸಿದರು. ಅವರು ಚಿತ್ರದುರ್ಗ ನಗರದ ಶಾಲೆಯಲ್ಲಿ ವಿದ್ಯಾರ್ಥಿಗಳಿಗೆ ಚರಕದ ಮೂಲಕ ನೂಲು ತೆಗೆಯುವ ಪ್ರಾತ್ಯಕ್ಷಿಕೆ ನೀಡಿ ಮಾತನಾಡಿದರು.
ಬಹಳಷ್ಟು ಯುವ ಜನಾಂಗಕ್ಕೆ ಚರಕದ ಬಳಕೆಯನ್ನು ಹೆಚ್ಚಿಸುವುದು ಕಷ್ಟಕರವಾಗಿದೆ. ಸರ್ಕಾರವು ಖಾದಿ ಉತ್ಪನ್ನಗಳನ್ನು ಉತ್ತೇಜಿಸಲು ಕ್ರಮ ಕೈಗೊಳ್ಳಬೇಕು ಎಂದು ಒತ್ತಾಯಿಸಿದರು.
ಗ್ರಾಮೀಣ ಉದ್ಯೋಗಗಳನ್ನು ಬೆಳೆಸುವುದರ ಮೂಲಕ ಸ್ವಾವಲಂಬನೆ ಸಾಧಿಸಬೇಕು. ಚರಕ ತಯಾರಿಕೆ ಮತ್ತು ಅದರ ವಿಧಾನದ ಬಗ್ಗೆ ನಾವು ತಿಳಿಯುವುದರ ಜೊತೆಗೆ ಸ್ವಾವಲಂಬನೆ, ಸ್ವದೇಶಿ ಚಿಂತನೆ ಬೆಳೆಸಿಕೊಳ್ಳಬೇಕು. ಚರಕ ಗಾಂಧೀಜಿಯವರ ಸ್ವಾತಂತ್ರ್ಯ ಹೋರಾಟದ ಪ್ರತೀಕ. ಚರಕ, ಮಹಾತ್ಮರನ್ನು ಖಾದಿ ಸ್ವರಾಜ್ಯದ ಸಂಕೇತವಾಗಿಸಿದೆ. ಎಲ್ಲರೂ ಖಾದಿ ವಸ್ತ್ರವನ್ನು ಧರಿಸುವ ಮೂಲಕ ಗ್ರಾಮೀಣ ಕುಶಲಕರ್ಮಿಗಳಿಗೆ ಉದ್ಯೋಗ ನೀಡಬೇಕು ಎಂದರು. ಶಾಲಾ ಮುಖ್ಯಸ್ಥರು ಮತ್ತು ಶಿಕ್ಷಕರು ವಿದ್ಯಾರ್ಥಿಗಳೊಂದಿಗೆ ಚರಕದಲ್ಲಿ ನೂಲು ತೆಗೆದು ಸಂಭ್ರಮಿಸಿದರು. ವಿದ್ಯಾರ್ಥಿನಿಯರು ಉತ್ಸಾಹದಿಂದ ಭಾಗವಹಿಸಿ ರಾಷ್ಟ್ರಧ್ವಜ ಹಾಗೂ ಖಾದಿಯ ಮಹತ್ವ ತಿಳಿದುಕೊಂಡರು. ಕಾರ್ಯಕ್ರಮದಲ್ಲಿ ರೋಟರಿ ಕ್ಲಬ್ ಪದಾಧಿಕಾರಿಗಳು, ಶಿಕ್ಷಕರು, ಸಿಬ್ಬಂದಿ ವರ್ಗದವರು ಹಾಜರಿದ್ದರು.
ಆಟೋ ಚಾಲಕರ ಸೇವೆ ಸ್ಮರಣೀಯ
ಕೋಲಾರ: ನಗರದ ಕ ಎಸ್ ಆರ್ ಟಿ ಸಿ ನಿಲ್ದಾಣದ ಹೊಂದುಕೊಂಡಂತೆ ಇರುವ ಟೆಂಪೋ ಸ್ಟ್ಯಾಂಡ್ ಬಳಿ ಕರ್ನಾಟಕ ಆಟೋ ನಿಲ್ದಾಣದ ಚಾಲಕರ ಸಂಘದಿಂದ 69ನೇ ಕನ್ನಡ ರಾಜ್ಯೋತ್ಸವವನ್ನು ಅದ್ದೂರಿಯಿಂದ ಆಚರಿಸಲಾಯಿತು. ಕಾರ್ಯಕ್ರಮದ ಉದ್ಘಾಟನೆ ನೆರವೇರಿಸಿದ ನಗರಸಭೆ ಅಧ್ಯಕ್ಷರು ಮಾತನಾಡಿ, ಪ್ರತಿ ವರ್ಷವೂ ಸಂಘದಿಂದ ಕನ್ನಡ ರಾಜ್ಯೋತ್ಸವವನ್ನು ಆಚರಿಸುತ್ತಾ ಬಂದಿದ್ದು ಈ ವರ್ಷವೂ ಅಪ್ರತ್ಯೋದನೆ ವರ್ಷದ ಕಾರ್ಯಕ್ರಮವನ್ನು ಆಚರಿಸಿದ್ದೇವೆಂದರು. ಆಟೋ ಯೂನಿಯನ್ ಜಿಲ್ಲಾಧ್ಯಕ್ಷರಾದ ಸುರೇಶ್ ಕುಮಾರ್ ಮಾತನಾಡಿ ಆಟೋ ಚಾಲಕರಿಗೆ ಮೊದಲು ಶುಭಕೋರಿ ಕನ್ನಡ ,ನಾಡು ,ನುಡಿ, ನೆಲ ,ಜಲದ ಬಗ್ಗೆ ನಿಮಗಿರುವ ಕಾಳಜಿ ಅಭೂತಪೂರ್ವವಾಗಿದ್ದು ನಿಮ್ಮಸೇವೆ ಈ ನಾಡಿಗಾಗಿ ಸದಾ ಮಿಡಿಯುತ್ತಿರುತ್ತದೆಂದರು. ನಗರಸಭಾ ಸದಸ್ಯರು ಮತ್ತು ಸಮಾಜ ಸೇವಕರಾದ ಕೆ ವಿ ಮಂಜುನಾಥ್ ಮಾತನಾಡಿ ಆಟೋ ನಡೆಸುವವರು
ಬೆಳಗಿನಿಂದ ಸಂಜೆವರೆಗೂ ದುಡಿದರೆ ಗಳಿಸುವ ಹಣದಲ್ಲಿ ಕುಟುಂಬ ನಿರ್ವಹಣೆ ಮಾಡುವುದೇ ಕಷ್ಟ. ಆದರೆ ಕನ್ನಡದ ಹಬ್ಬವನ್ನು ಪ್ರತಿ ವರ್ಷ ಆಚರಿಸುವುದು ಶ್ಲಾಘನೀಯ. ರಾಜ್ಯೋತ್ಸವದ ಅಂಗವಾಗಿ ಆಟೋ ಚಾಲಕರು ಸಮಾಜಕ್ಕೆ ನೀಡುವ ಸೇವೆ ಸ್ಮರಣೀಯ ಎಂದರು. ಪ್ರಯುಕ್ತಿಸುವುದಾಗಿ ಹೇಳಿದರು . ರಾಜ್ಯೋತ್ಸವದ ಅಂಗವಾಗಿ ತಾಯಿ ಭುವನೇಶ್ವರಿಗೆ ಹೂವಿನ ಅಲಂಕಾರಮಾಡಿ ಆಟೋಗಳಿಗೆ ಕನ್ನಡದ ಬಾವುಟಗಳು ಮತ್ತು ಕನ್ನಡದ ತೋರಣಗಳನ್ನು ಕಟ್ಟಿ ನಗರದ ಪ್ರಮುಖ ರಸ್ತೆಗಳಲ್ಲಿ ಮೆರವಣಿಗೆ ನಡೆಸಿ ಸಾರ್ವಜನಿಕರಿಗೆ ಪ್ರಸಾದ ವಿತರಿಸಿದರು . ಗೌರವಾಧ್ಯಕ್ಷರಾದ ಬಾಬುರಾವ್ ,ವಿ ಮುನಿಯಪ್ಪ ,ಮುರಳಿ ,ಮಲ್ಲೇಶ್ ,ಬಾಬು ,ಕೆ ಎನ್ ಕೃಷ್ಣಪ್ಪ ,ಸತೀಶ್ ,ಶ್ರೀನಿವಾಸ್ ,ಸುರೇಶ್ ,ಶ್ರೀನಾಥ್ ,ಮಹೇಶ್ ,ಸುಧಾಕರ್ ಬಾಬು, ಶ್ರೀಧರ್ ಗೌಡ ,ಎಂ ಸತೀಶ್ ಮುಂತಾದವರಿದ್ದರು.
